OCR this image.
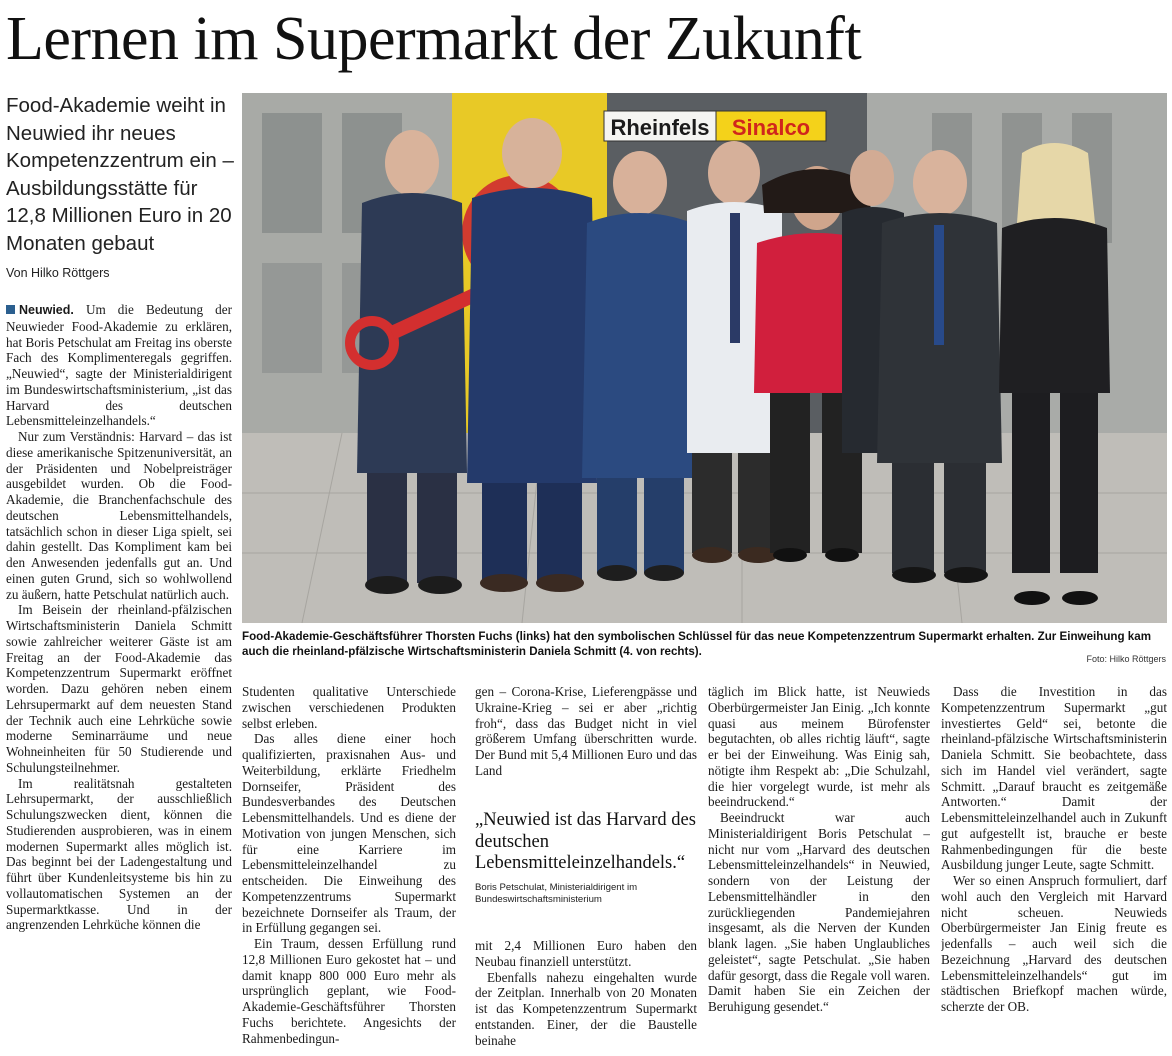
Lernen im Supermarkt der Zukunft
Food-Akademie weiht in Neuwied ihr neues Kompetenzzentrum ein – Ausbildungsstätte für 12,8 Millionen Euro in 20 Monaten gebaut
Von Hilko Röttgers
Rheinfels Sinalco
Food-Akademie-Geschäftsführer Thorsten Fuchs (links) hat den symbolischen Schlüssel für das neue Kompetenzzentrum Supermarkt erhalten. Zur Einweihung kam auch die rheinland-pfälzische Wirtschaftsministerin Daniela Schmitt (4. von rechts).
Foto: Hilko Röttgers

Neuwied. Um die Bedeutung der Neuwieder Food-Akademie zu erklären, hat Boris Petschulat am Freitag ins oberste Fach des Komplimenteregals gegriffen. „Neuwied“, sagte der Ministerialdirigent im Bundeswirtschaftsministerium, „ist das Harvard des deutschen Lebensmitteleinzelhandels.“

Nur zum Verständnis: Harvard – das ist diese amerikanische Spitzenuniversität, an der Präsidenten und Nobelpreisträger ausgebildet wurden. Ob die Food-Akademie, die Branchenfachschule des deutschen Lebensmittelhandels, tatsächlich schon in dieser Liga spielt, sei dahin gestellt. Das Kompliment kam bei den Anwesenden jedenfalls gut an. Und einen guten Grund, sich so wohlwollend zu äußern, hatte Petschulat natürlich auch.

Im Beisein der rheinland-pfälzischen Wirtschaftsministerin Daniela Schmitt sowie zahlreicher weiterer Gäste ist am Freitag an der Food-Akademie das Kompetenzzentrum Supermarkt eröffnet worden. Dazu gehören neben einem Lehrsupermarkt auf dem neuesten Stand der Technik auch eine Lehrküche sowie moderne Seminarräume und neue Wohneinheiten für 50 Studierende und Schulungsteilnehmer.

Im realitätsnah gestalteten Lehrsupermarkt, der ausschließlich Schulungszwecken dient, können die Studierenden ausprobieren, was in einem modernen Supermarkt alles möglich ist. Das beginnt bei der Ladengestaltung und führt über Kundenleitsysteme bis hin zu vollautomatischen Systemen an der Supermarktkasse. Und in der angrenzenden Lehrküche können die

Studenten qualitative Unterschiede zwischen verschiedenen Produkten selbst erleben.

Das alles diene einer hoch qualifizierten, praxisnahen Aus- und Weiterbildung, erklärte Friedhelm Dornseifer, Präsident des Bundesverbandes des Deutschen Lebensmittelhandels. Und es diene der Motivation von jungen Menschen, sich für eine Karriere im Lebensmitteleinzelhandel zu entscheiden. Die Einweihung des Kompetenzzentrums Supermarkt bezeichnete Dornseifer als Traum, der in Erfüllung gegangen sei.

Ein Traum, dessen Erfüllung rund 12,8 Millionen Euro gekostet hat – und damit knapp 800 000 Euro mehr als ursprünglich geplant, wie Food-Akademie-Geschäftsführer Thorsten Fuchs berichtete. Angesichts der Rahmenbedingun-

gen – Corona-Krise, Lieferengpässe und Ukraine-Krieg – sei er aber „richtig froh“, dass das Budget nicht in viel größerem Umfang überschritten wurde. Der Bund mit 5,4 Millionen Euro und das Land

„Neuwied ist das Harvard des deutschen Lebensmitteleinzelhandels.“
Boris Petschulat, Ministerialdirigent im Bundeswirtschaftsministerium

mit 2,4 Millionen Euro haben den Neubau finanziell unterstützt.

Ebenfalls nahezu eingehalten wurde der Zeitplan. Innerhalb von 20 Monaten ist das Kompetenzzentrum Supermarkt entstanden. Einer, der die Baustelle beinahe

täglich im Blick hatte, ist Neuwieds Oberbürgermeister Jan Einig. „Ich konnte quasi aus meinem Bürofenster begutachten, ob alles richtig läuft“, sagte er bei der Einweihung. Was Einig sah, nötigte ihm Respekt ab: „Die Schulzahl, die hier vorgelegt wurde, ist mehr als beeindruckend.“

Beeindruckt war auch Ministerialdirigent Boris Petschulat – nicht nur vom „Harvard des deutschen Lebensmitteleinzelhandels“ in Neuwied, sondern von der Leistung der Lebensmittelhändler in den zurückliegenden Pandemiejahren insgesamt, als die Nerven der Kunden blank lagen. „Sie haben Unglaubliches geleistet“, sagte Petschulat. „Sie haben dafür gesorgt, dass die Regale voll waren. Damit haben Sie ein Zeichen der Beruhigung gesendet.“

Dass die Investition in das Kompetenzzentrum Supermarkt „gut investiertes Geld“ sei, betonte die rheinland-pfälzische Wirtschaftsministerin Daniela Schmitt. Sie beobachtete, dass sich im Handel viel verändert, sagte Schmitt. „Darauf braucht es zeitgemäße Antworten.“ Damit der Lebensmitteleinzelhandel auch in Zukunft gut aufgestellt ist, brauche er beste Rahmenbedingungen für die beste Ausbildung junger Leute, sagte Schmitt.

Wer so einen Anspruch formuliert, darf wohl auch den Vergleich mit Harvard nicht scheuen. Neuwieds Oberbürgermeister Jan Einig freute es jedenfalls – auch weil sich die Bezeichnung „Harvard des deutschen Lebensmitteleinzelhandels“ gut im städtischen Briefkopf machen würde, scherzte der OB.
